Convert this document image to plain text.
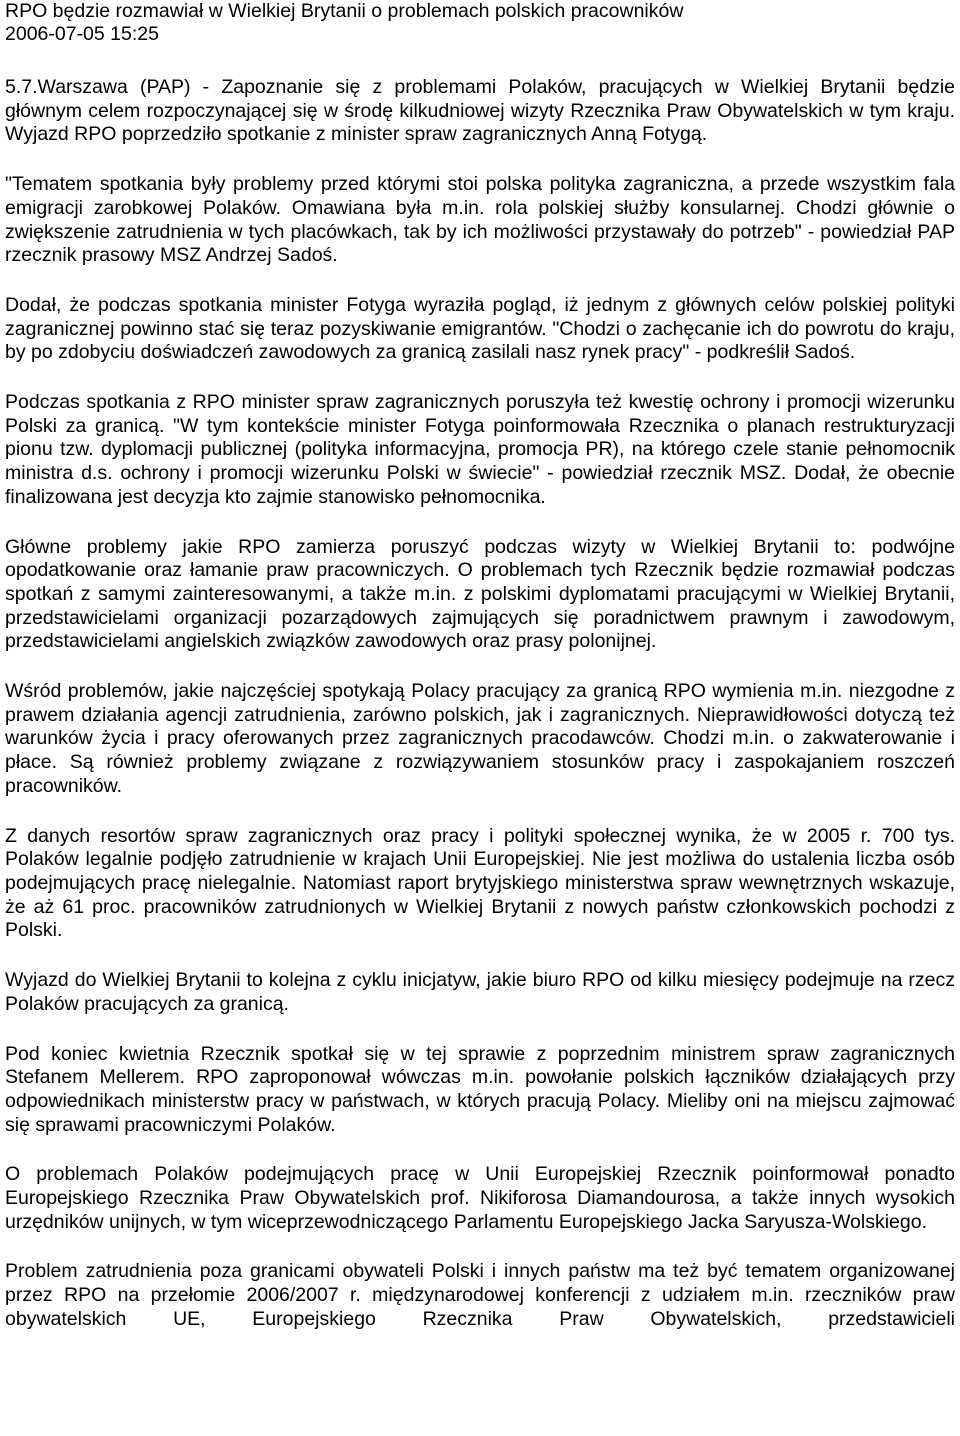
RPO będzie rozmawiał w Wielkiej Brytanii o problemach polskich pracowników
2006-07-05 15:25

5.7.Warszawa (PAP) - Zapoznanie się z problemami Polaków, pracujących w Wielkiej Brytanii będzie głównym celem rozpoczynającej się w środę kilkudniowej wizyty Rzecznika Praw Obywatelskich w tym kraju. Wyjazd RPO poprzedziło spotkanie z minister spraw zagranicznych Anną Fotygą.

"Tematem spotkania były problemy przed którymi stoi polska polityka zagraniczna, a przede wszystkim fala emigracji zarobkowej Polaków. Omawiana była m.in. rola polskiej służby konsularnej. Chodzi głównie o zwiększenie zatrudnienia w tych placówkach, tak by ich możliwości przystawały do potrzeb" - powiedział PAP rzecznik prasowy MSZ Andrzej Sadoś.

Dodał, że podczas spotkania minister Fotyga wyraziła pogląd, iż jednym z głównych celów polskiej polityki zagranicznej powinno stać się teraz pozyskiwanie emigrantów. "Chodzi o zachęcanie ich do powrotu do kraju, by po zdobyciu doświadczeń zawodowych za granicą zasilali nasz rynek pracy" - podkreślił Sadoś.

Podczas spotkania z RPO minister spraw zagranicznych poruszyła też kwestię ochrony i promocji wizerunku Polski za granicą. "W tym kontekście minister Fotyga poinformowała Rzecznika o planach restrukturyzacji pionu tzw. dyplomacji publicznej (polityka informacyjna, promocja PR), na którego czele stanie pełnomocnik ministra d.s. ochrony i promocji wizerunku Polski w świecie" - powiedział rzecznik MSZ. Dodał, że obecnie finalizowana jest decyzja kto zajmie stanowisko pełnomocnika.

Główne problemy jakie RPO zamierza poruszyć podczas wizyty w Wielkiej Brytanii to: podwójne opodatkowanie oraz łamanie praw pracowniczych. O problemach tych Rzecznik będzie rozmawiał podczas spotkań z samymi zainteresowanymi, a także m.in. z polskimi dyplomatami pracującymi w Wielkiej Brytanii, przedstawicielami organizacji pozarządowych zajmujących się poradnictwem prawnym i zawodowym, przedstawicielami angielskich związków zawodowych oraz prasy polonijnej.

Wśród problemów, jakie najczęściej spotykają Polacy pracujący za granicą RPO wymienia m.in. niezgodne z prawem działania agencji zatrudnienia, zarówno polskich, jak i zagranicznych. Nieprawidłowości dotyczą też warunków życia i pracy oferowanych przez zagranicznych pracodawców. Chodzi m.in. o zakwaterowanie i płace. Są również problemy związane z rozwiązywaniem stosunków pracy i zaspokajaniem roszczeń pracowników.

Z danych resortów spraw zagranicznych oraz pracy i polityki społecznej wynika, że w 2005 r. 700 tys. Polaków legalnie podjęło zatrudnienie w krajach Unii Europejskiej. Nie jest możliwa do ustalenia liczba osób podejmujących pracę nielegalnie. Natomiast raport brytyjskiego ministerstwa spraw wewnętrznych wskazuje, że aż 61 proc. pracowników zatrudnionych w Wielkiej Brytanii z nowych państw członkowskich pochodzi z Polski.

Wyjazd do Wielkiej Brytanii to kolejna z cyklu inicjatyw, jakie biuro RPO od kilku miesięcy podejmuje na rzecz Polaków pracujących za granicą.

Pod koniec kwietnia Rzecznik spotkał się w tej sprawie z poprzednim ministrem spraw zagranicznych Stefanem Mellerem. RPO zaproponował wówczas m.in. powołanie polskich łączników działających przy odpowiednikach ministerstw pracy w państwach, w których pracują Polacy. Mieliby oni na miejscu zajmować się sprawami pracowniczymi Polaków.

O problemach Polaków podejmujących pracę w Unii Europejskiej Rzecznik poinformował ponadto Europejskiego Rzecznika Praw Obywatelskich prof. Nikiforosa Diamandourosa, a także innych wysokich urzędników unijnych, w tym wiceprzewodniczącego Parlamentu Europejskiego Jacka Saryusza-Wolskiego.

Problem zatrudnienia poza granicami obywateli Polski i innych państw ma też być tematem organizowanej przez RPO na przełomie 2006/2007 r. międzynarodowej konferencji z udziałem m.in. rzeczników praw obywatelskich UE, Europejskiego Rzecznika Praw Obywatelskich, przedstawicieli
